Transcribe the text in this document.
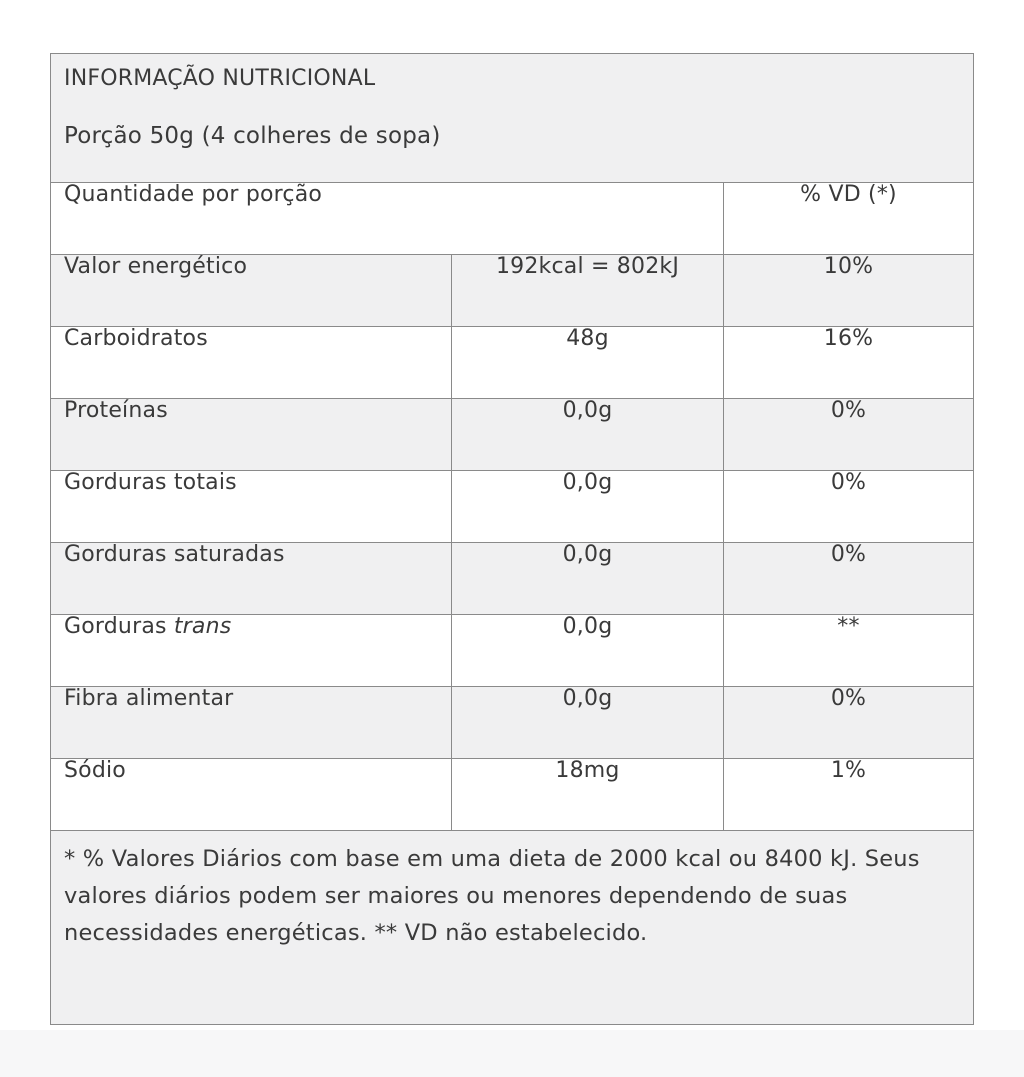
INFORMAÇÃO NUTRICIONAL
Porção 50g (4 colheres de sopa)		

Quantidade por porção		% VD (*)
Valor energético	192kcal = 802kJ	10%
Carboidratos	48g	16%
Proteínas	0,0g	0%
Gorduras totais	0,0g	0%
Gorduras saturadas	0,0g	0%
Gorduras trans	0,0g	**
Fibra alimentar	0,0g	0%
Sódio	18mg	1%
* % Valores Diários com base em uma dieta de 2000 kcal ou 8400 kJ. Seus valores diários podem ser maiores ou menores dependendo de suas necessidades energéticas. ** VD não estabelecido.		
